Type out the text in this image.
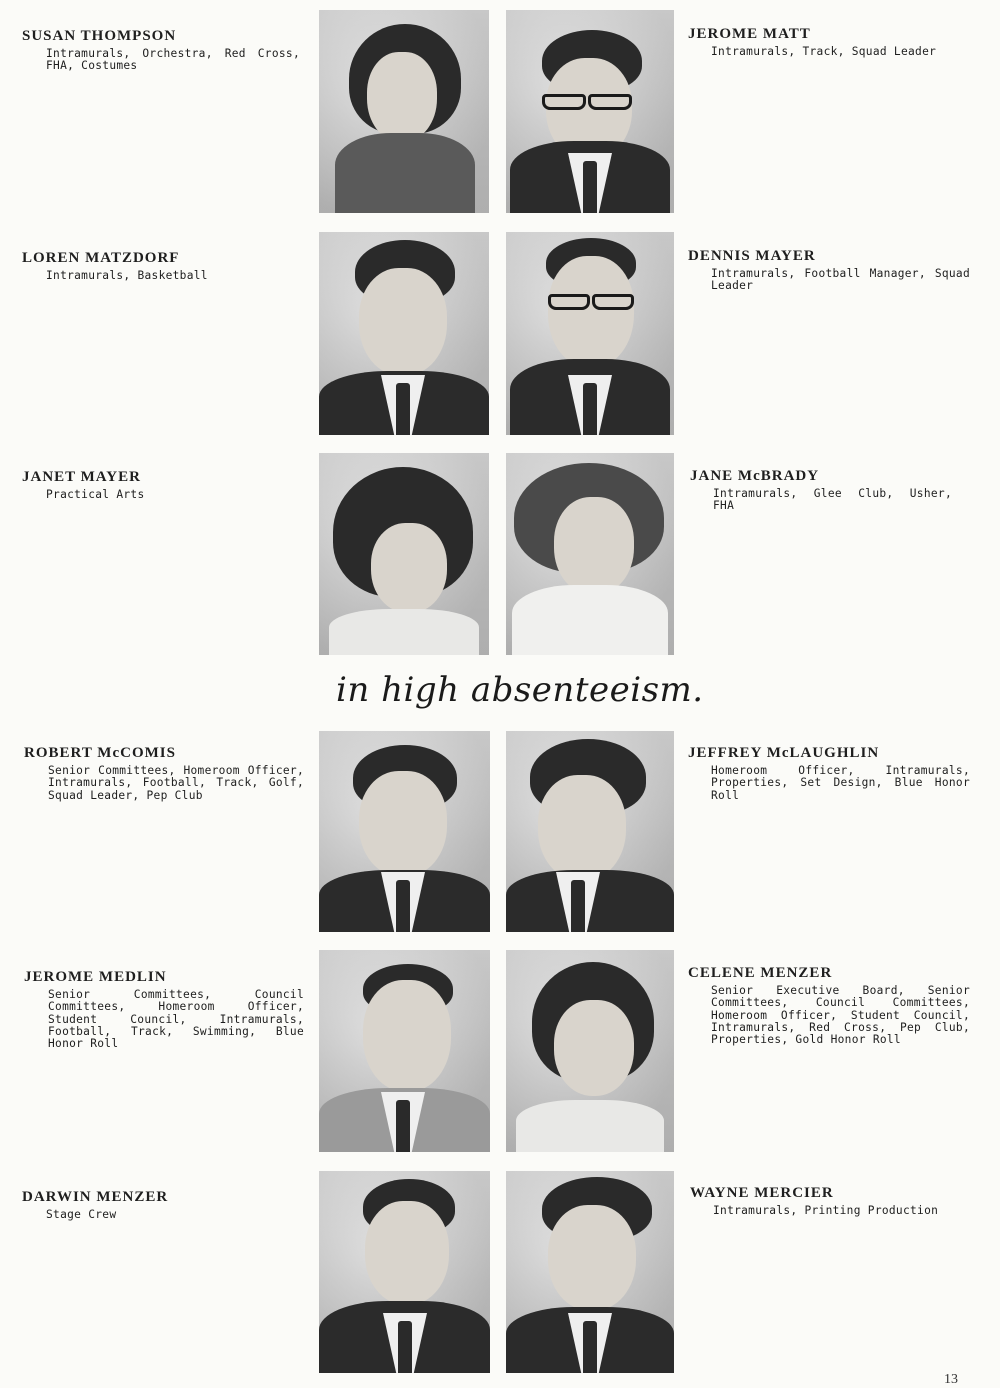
SUSAN THOMPSON

Intramurals, Orchestra, Red Cross, FHA, Costumes

JEROME MATT

Intramurals, Track, Squad Leader

LOREN MATZDORF

Intramurals, Basketball

DENNIS MAYER

Intramurals, Football Manager, Squad Leader

JANET MAYER

Practical Arts

JANE McBRADY

Intramurals, Glee Club, Usher, FHA

in high absenteeism.

ROBERT McCOMIS

Senior Committees, Homeroom Officer, Intramurals, Football, Track, Golf, Squad Leader, Pep Club

JEFFREY McLAUGHLIN

Homeroom Officer, Intramurals, Properties, Set Design, Blue Honor Roll

JEROME MEDLIN

Senior Committees, Council Committees, Homeroom Officer, Student Council, Intramurals, Football, Track, Swimming, Blue Honor Roll

CELENE MENZER

Senior Executive Board, Senior Committees, Council Committees, Homeroom Officer, Student Council, Intramurals, Red Cross, Pep Club, Properties, Gold Honor Roll

DARWIN MENZER

Stage Crew

WAYNE MERCIER

Intramurals, Printing Production
13
